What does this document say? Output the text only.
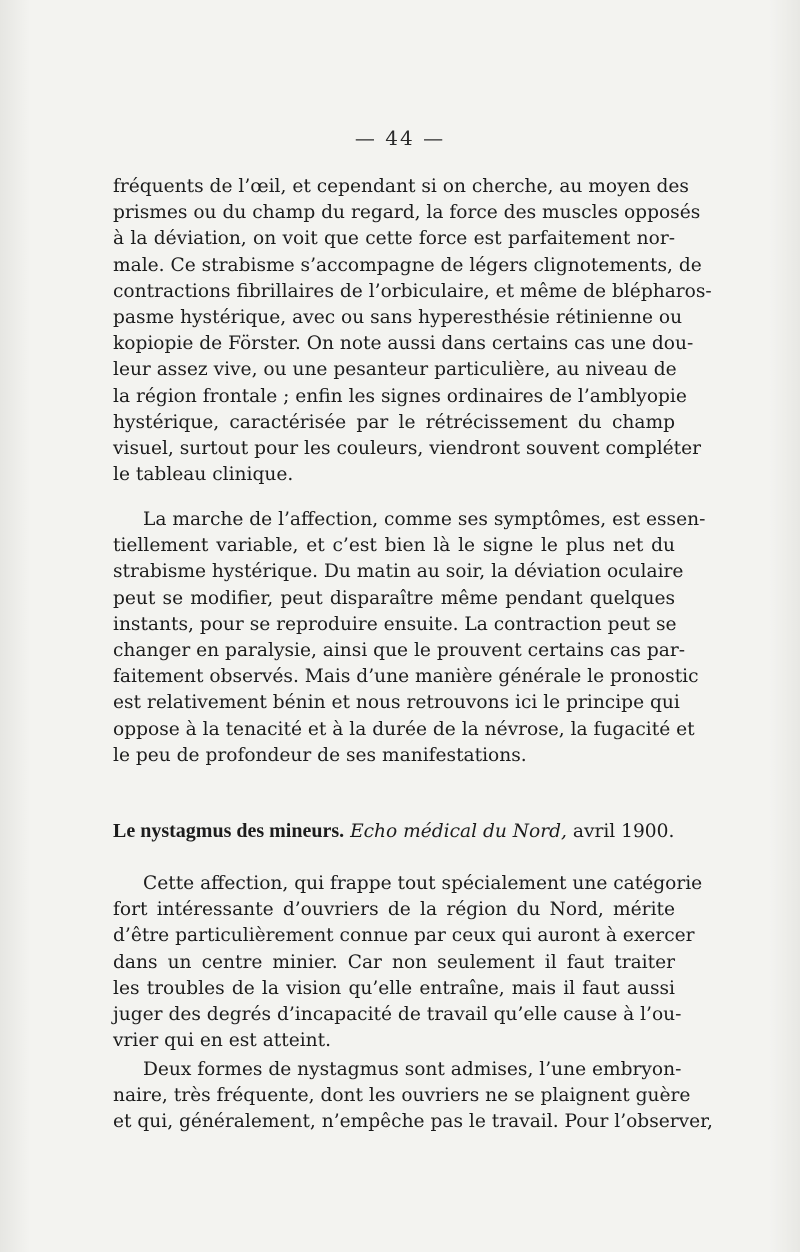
— 44 —
fréquents de l’œil, et cependant si on cherche, au moyen des
prismes ou du champ du regard, la force des muscles opposés
à la déviation, on voit que cette force est parfaitement nor-
male. Ce strabisme s’accompagne de légers clignotements, de
contractions fibrillaires de l’orbiculaire, et même de blépharos-
pasme hystérique, avec ou sans hyperesthésie rétinienne ou
kopiopie de Förster. On note aussi dans certains cas une dou-
leur assez vive, ou une pesanteur particulière, au niveau de
la région frontale ; enfin les signes ordinaires de l’amblyopie
hystérique, caractérisée par le rétrécissement du champ
visuel, surtout pour les couleurs, viendront souvent compléter
le tableau clinique.
La marche de l’affection, comme ses symptômes, est essen-
tiellement variable, et c’est bien là le signe le plus net du
strabisme hystérique. Du matin au soir, la déviation oculaire
peut se modifier, peut disparaître même pendant quelques
instants, pour se reproduire ensuite. La contraction peut se
changer en paralysie, ainsi que le prouvent certains cas par-
faitement observés. Mais d’une manière générale le pronostic
est relativement bénin et nous retrouvons ici le principe qui
oppose à la tenacité et à la durée de la névrose, la fugacité et
le peu de profondeur de ses manifestations.
Le nystagmus des mineurs. Echo médical du Nord, avril 1900.
Cette affection, qui frappe tout spécialement une catégorie
fort intéressante d’ouvriers de la région du Nord, mérite
d’être particulièrement connue par ceux qui auront à exercer
dans un centre minier. Car non seulement il faut traiter
les troubles de la vision qu’elle entraîne, mais il faut aussi
juger des degrés d’incapacité de travail qu’elle cause à l’ou-
vrier qui en est atteint.
Deux formes de nystagmus sont admises, l’une embryon-
naire, très fréquente, dont les ouvriers ne se plaignent guère
et qui, généralement, n’empêche pas le travail. Pour l’observer,
